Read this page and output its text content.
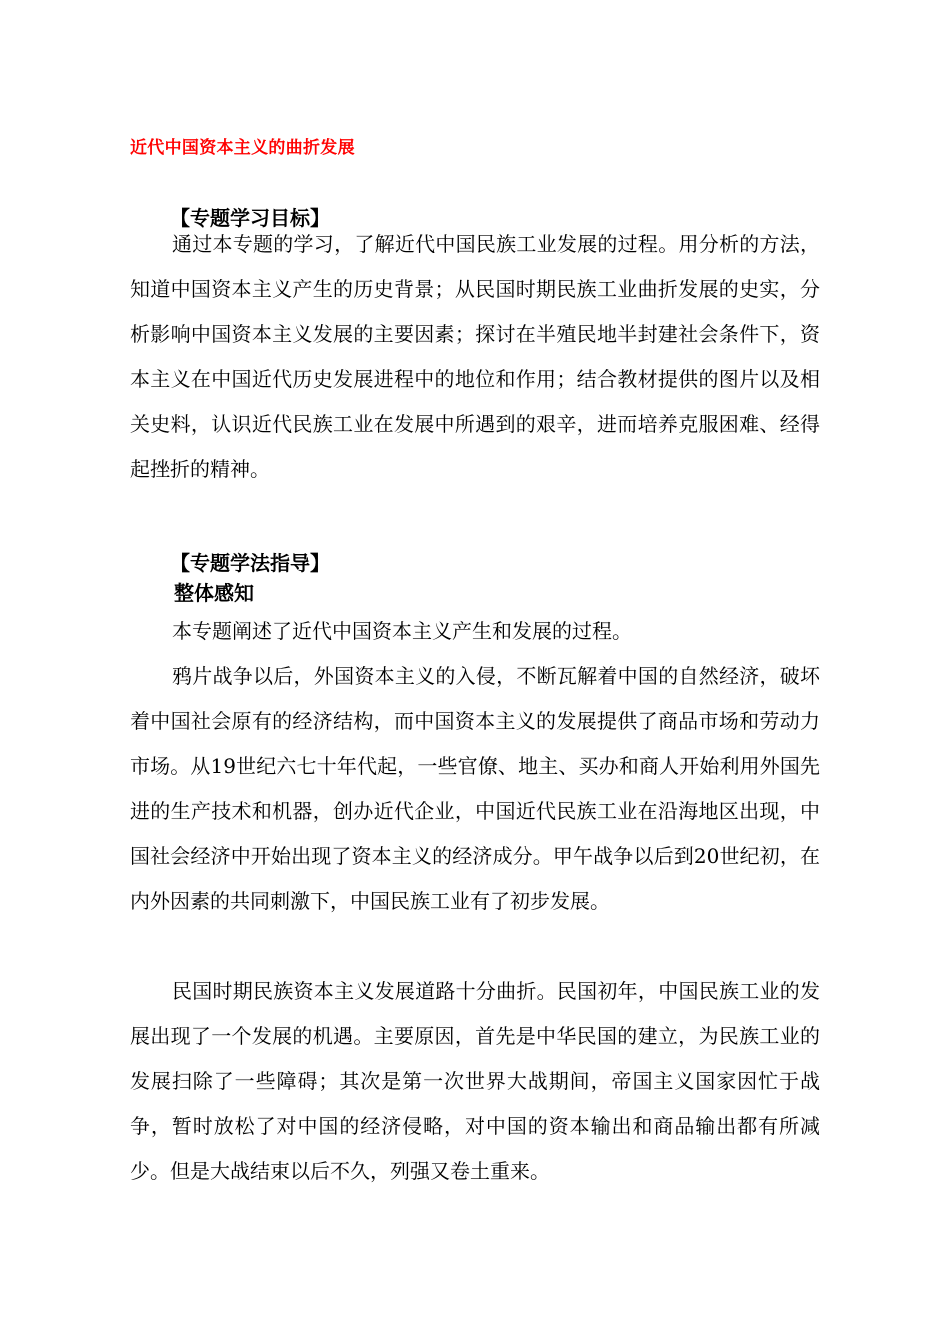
近代中国资本主义的曲折发展
【专题学习目标】

通过本专题的学习，了解近代中国民族工业发展的过程。用分析的方法，知道中国资本主义产生的历史背景；从民国时期民族工业曲折发展的史实，分析影响中国资本主义发展的主要因素；探讨在半殖民地半封建社会条件下，资本主义在中国近代历史发展进程中的地位和作用；结合教材提供的图片以及相关史料，认识近代民族工业在发展中所遇到的艰辛，进而培养克服困难、经得起挫折的精神。

【专题学法指导】
整体感知

本专题阐述了近代中国资本主义产生和发展的过程。

鸦片战争以后，外国资本主义的入侵，不断瓦解着中国的自然经济，破坏着中国社会原有的经济结构，而中国资本主义的发展提供了商品市场和劳动力市场。从19世纪六七十年代起，一些官僚、地主、买办和商人开始利用外国先进的生产技术和机器，创办近代企业，中国近代民族工业在沿海地区出现，中国社会经济中开始出现了资本主义的经济成分。甲午战争以后到20世纪初，在内外因素的共同刺激下，中国民族工业有了初步发展。

民国时期民族资本主义发展道路十分曲折。民国初年，中国民族工业的发展出现了一个发展的机遇。主要原因，首先是中华民国的建立，为民族工业的发展扫除了一些障碍；其次是第一次世界大战期间，帝国主义国家因忙于战争，暂时放松了对中国的经济侵略，对中国的资本输出和商品输出都有所减少。但是大战结束以后不久，列强又卷土重来。
